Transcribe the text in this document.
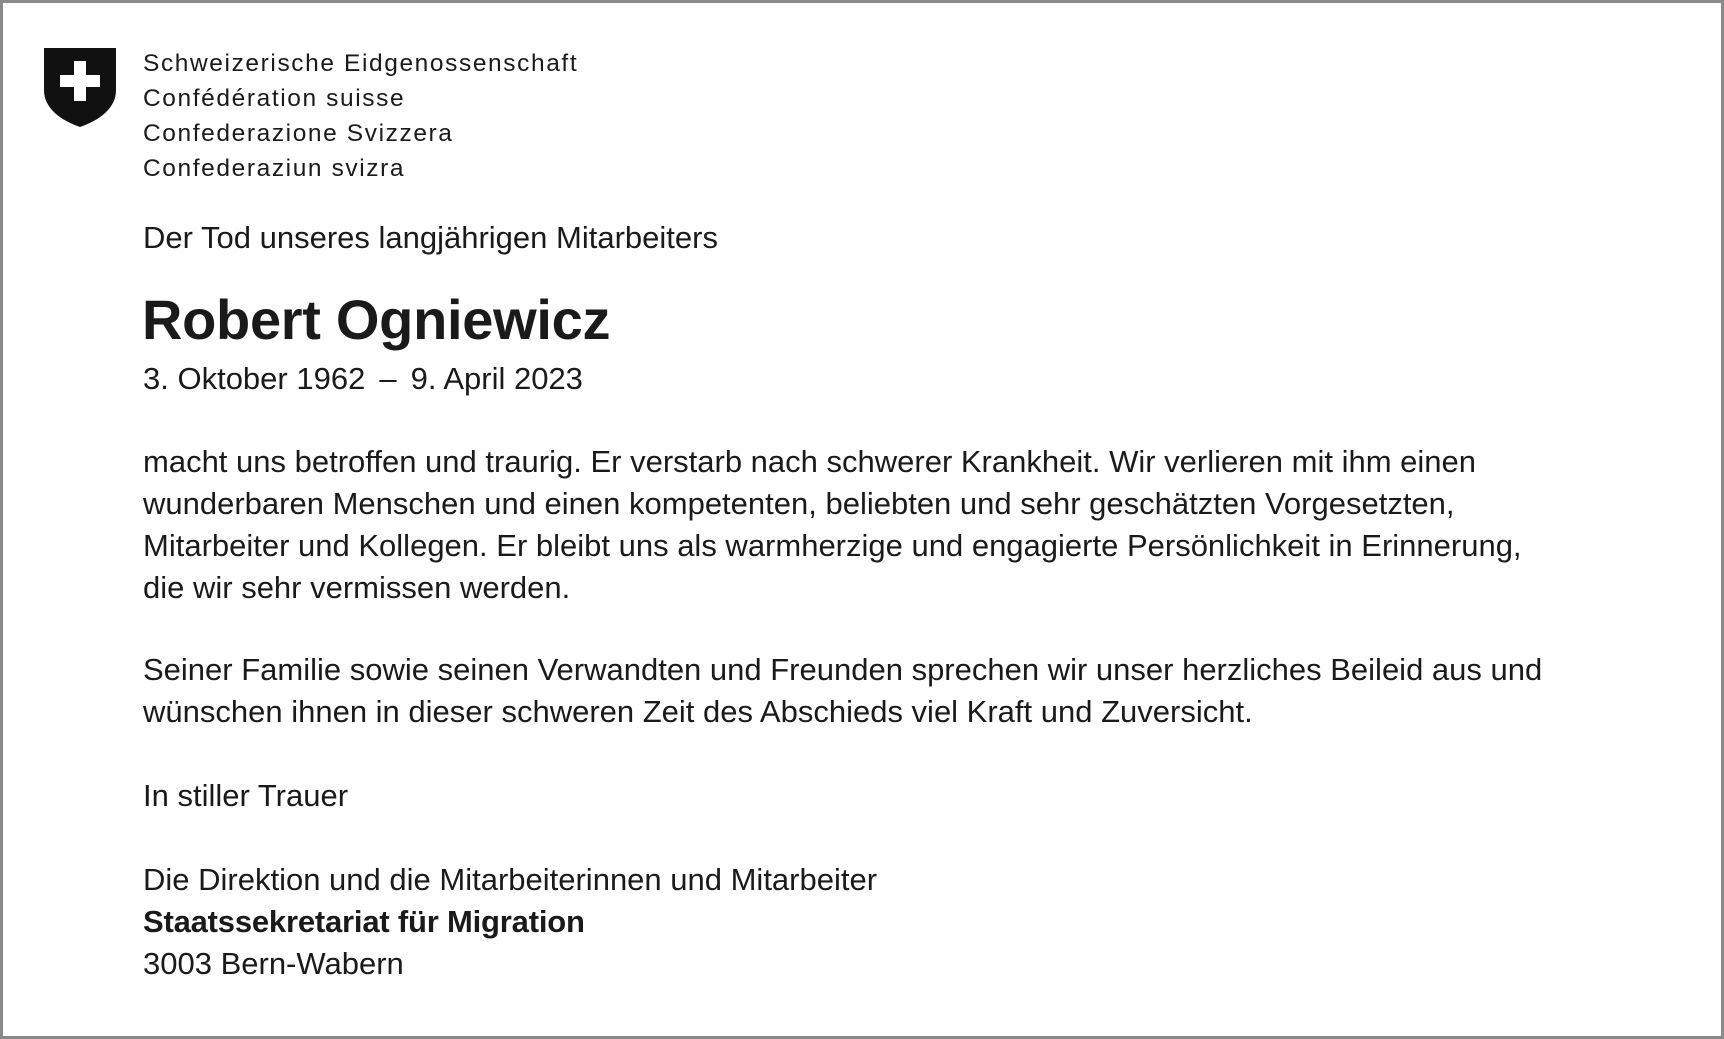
Schweizerische Eidgenossenschaft
Confédération suisse
Confederazione Svizzera
Confederaziun svizra
Der Tod unseres langjährigen Mitarbeiters
Robert Ogniewicz
3. Oktober 1962 – 9. April 2023
macht uns betroffen und traurig. Er verstarb nach schwerer Krankheit. Wir verlieren mit ihm einen
wunderbaren Menschen und einen kompetenten, beliebten und sehr geschätzten Vorgesetzten,
Mitarbeiter und Kollegen. Er bleibt uns als warmherzige und engagierte Persönlichkeit in Erinnerung,
die wir sehr vermissen werden.
Seiner Familie sowie seinen Verwandten und Freunden sprechen wir unser herzliches Beileid aus und
wünschen ihnen in dieser schweren Zeit des Abschieds viel Kraft und Zuversicht.
In stiller Trauer
Die Direktion und die Mitarbeiterinnen und Mitarbeiter
Staatssekretariat für Migration
3003 Bern-Wabern
